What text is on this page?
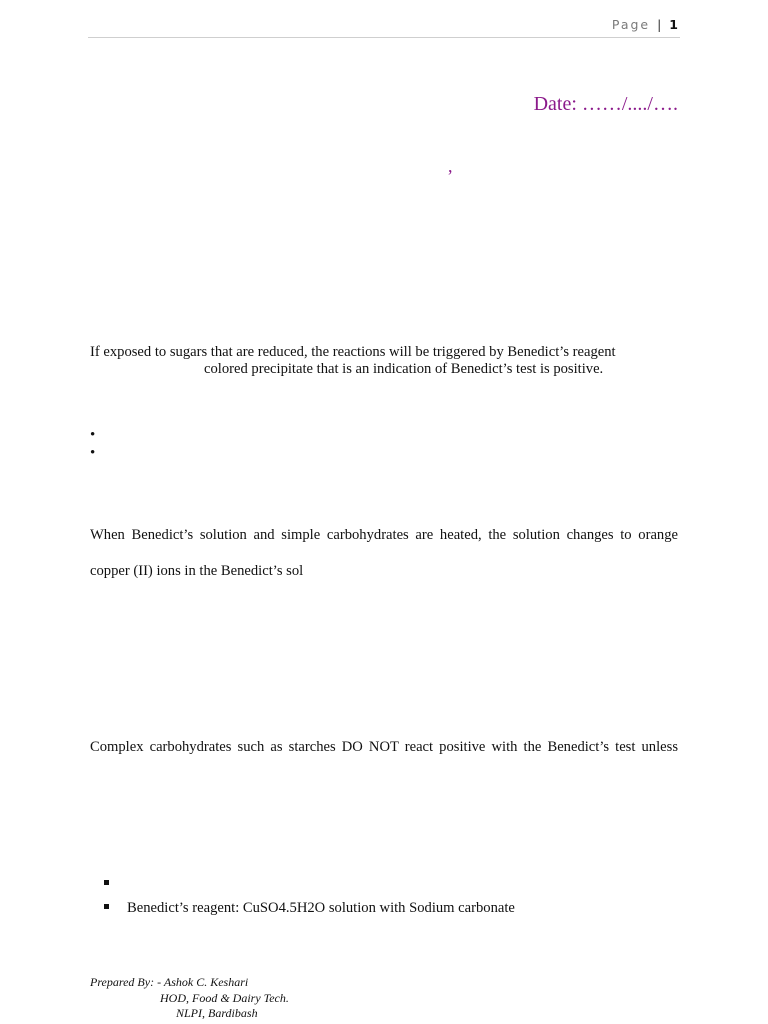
Page | 1
Date: ……/..../….
,
If exposed to sugars that are reduced, the reactions will be triggered by Benedict’s reagent
colored precipitate that is an indication of Benedict’s test is positive.
•
•
When Benedict’s solution and simple carbohydrates are heated, the solution changes to orange
copper (II) ions in the Benedict’s sol
Complex carbohydrates such as starches DO NOT react positive with the Benedict’s test unless
Benedict’s reagent: CuSO4.5H2O solution with Sodium carbonate
Prepared By: - Ashok C. Keshari
HOD, Food & Dairy Tech.
NLPI, Bardibash
